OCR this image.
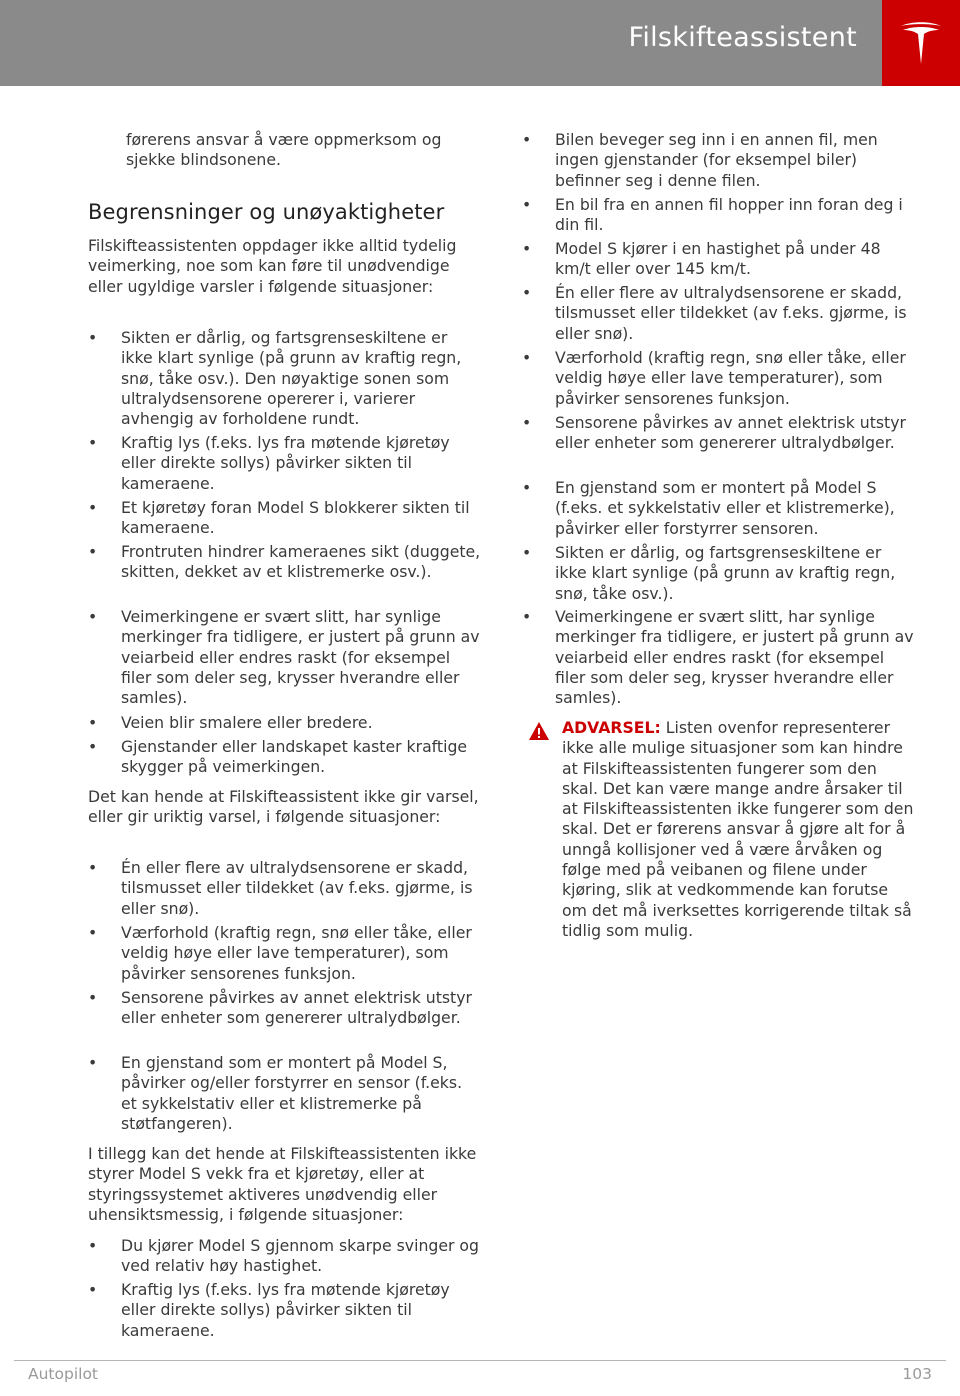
Filskifteassistent
førerens ansvar å være oppmerksom og sjekke blindsonene.
Begrensninger og unøyaktigheter
Filskifteassistenten oppdager ikke alltid tydelig veimerking, noe som kan føre til unødvendige eller ugyldige varsler i følgende situasjoner:
• Sikten er dårlig, og fartsgrenseskiltene er ikke klart synlige (på grunn av kraftig regn, snø, tåke osv.). Den nøyaktige sonen som ultralydsensorene opererer i, varierer avhengig av forholdene rundt.
• Kraftig lys (f.eks. lys fra møtende kjøretøy eller direkte sollys) påvirker sikten til kameraene.
• Et kjøretøy foran Model S blokkerer sikten til kameraene.
• Frontruten hindrer kameraenes sikt (duggete, skitten, dekket av et klistremerke osv.).
• Veimerkingene er svært slitt, har synlige merkinger fra tidligere, er justert på grunn av veiarbeid eller endres raskt (for eksempel filer som deler seg, krysser hverandre eller samles).
• Veien blir smalere eller bredere.
• Gjenstander eller landskapet kaster kraftige skygger på veimerkingen.
Det kan hende at Filskifteassistent ikke gir varsel, eller gir uriktig varsel, i følgende situasjoner:
• Én eller flere av ultralydsensorene er skadd, tilsmusset eller tildekket (av f.eks. gjørme, is eller snø).
• Værforhold (kraftig regn, snø eller tåke, eller veldig høye eller lave temperaturer), som påvirker sensorenes funksjon.
• Sensorene påvirkes av annet elektrisk utstyr eller enheter som genererer ultralydbølger.
• En gjenstand som er montert på Model S, påvirker og/eller forstyrrer en sensor (f.eks. et sykkelstativ eller et klistremerke på støtfangeren).
I tillegg kan det hende at Filskifteassistenten ikke styrer Model S vekk fra et kjøretøy, eller at styringssystemet aktiveres unødvendig eller uhensiktsmessig, i følgende situasjoner:
• Du kjører Model S gjennom skarpe svinger og ved relativ høy hastighet.
• Kraftig lys (f.eks. lys fra møtende kjøretøy eller direkte sollys) påvirker sikten til kameraene.
• Bilen beveger seg inn i en annen fil, men ingen gjenstander (for eksempel biler) befinner seg i denne filen.
• En bil fra en annen fil hopper inn foran deg i din fil.
• Model S kjører i en hastighet på under 48 km/t eller over 145 km/t.
• Én eller flere av ultralydsensorene er skadd, tilsmusset eller tildekket (av f.eks. gjørme, is eller snø).
• Værforhold (kraftig regn, snø eller tåke, eller veldig høye eller lave temperaturer), som påvirker sensorenes funksjon.
• Sensorene påvirkes av annet elektrisk utstyr eller enheter som genererer ultralydbølger.
• En gjenstand som er montert på Model S (f.eks. et sykkelstativ eller et klistremerke), påvirker eller forstyrrer sensoren.
• Sikten er dårlig, og fartsgrenseskiltene er ikke klart synlige (på grunn av kraftig regn, snø, tåke osv.).
• Veimerkingene er svært slitt, har synlige merkinger fra tidligere, er justert på grunn av veiarbeid eller endres raskt (for eksempel filer som deler seg, krysser hverandre eller samles).
ADVARSEL: Listen ovenfor representerer ikke alle mulige situasjoner som kan hindre at Filskifteassistenten fungerer som den skal. Det kan være mange andre årsaker til at Filskifteassistenten ikke fungerer som den skal. Det er førerens ansvar å gjøre alt for å unngå kollisjoner ved å være årvåken og følge med på veibanen og filene under kjøring, slik at vedkommende kan forutse om det må iverksettes korrigerende tiltak så tidlig som mulig.
Autopilot	103
